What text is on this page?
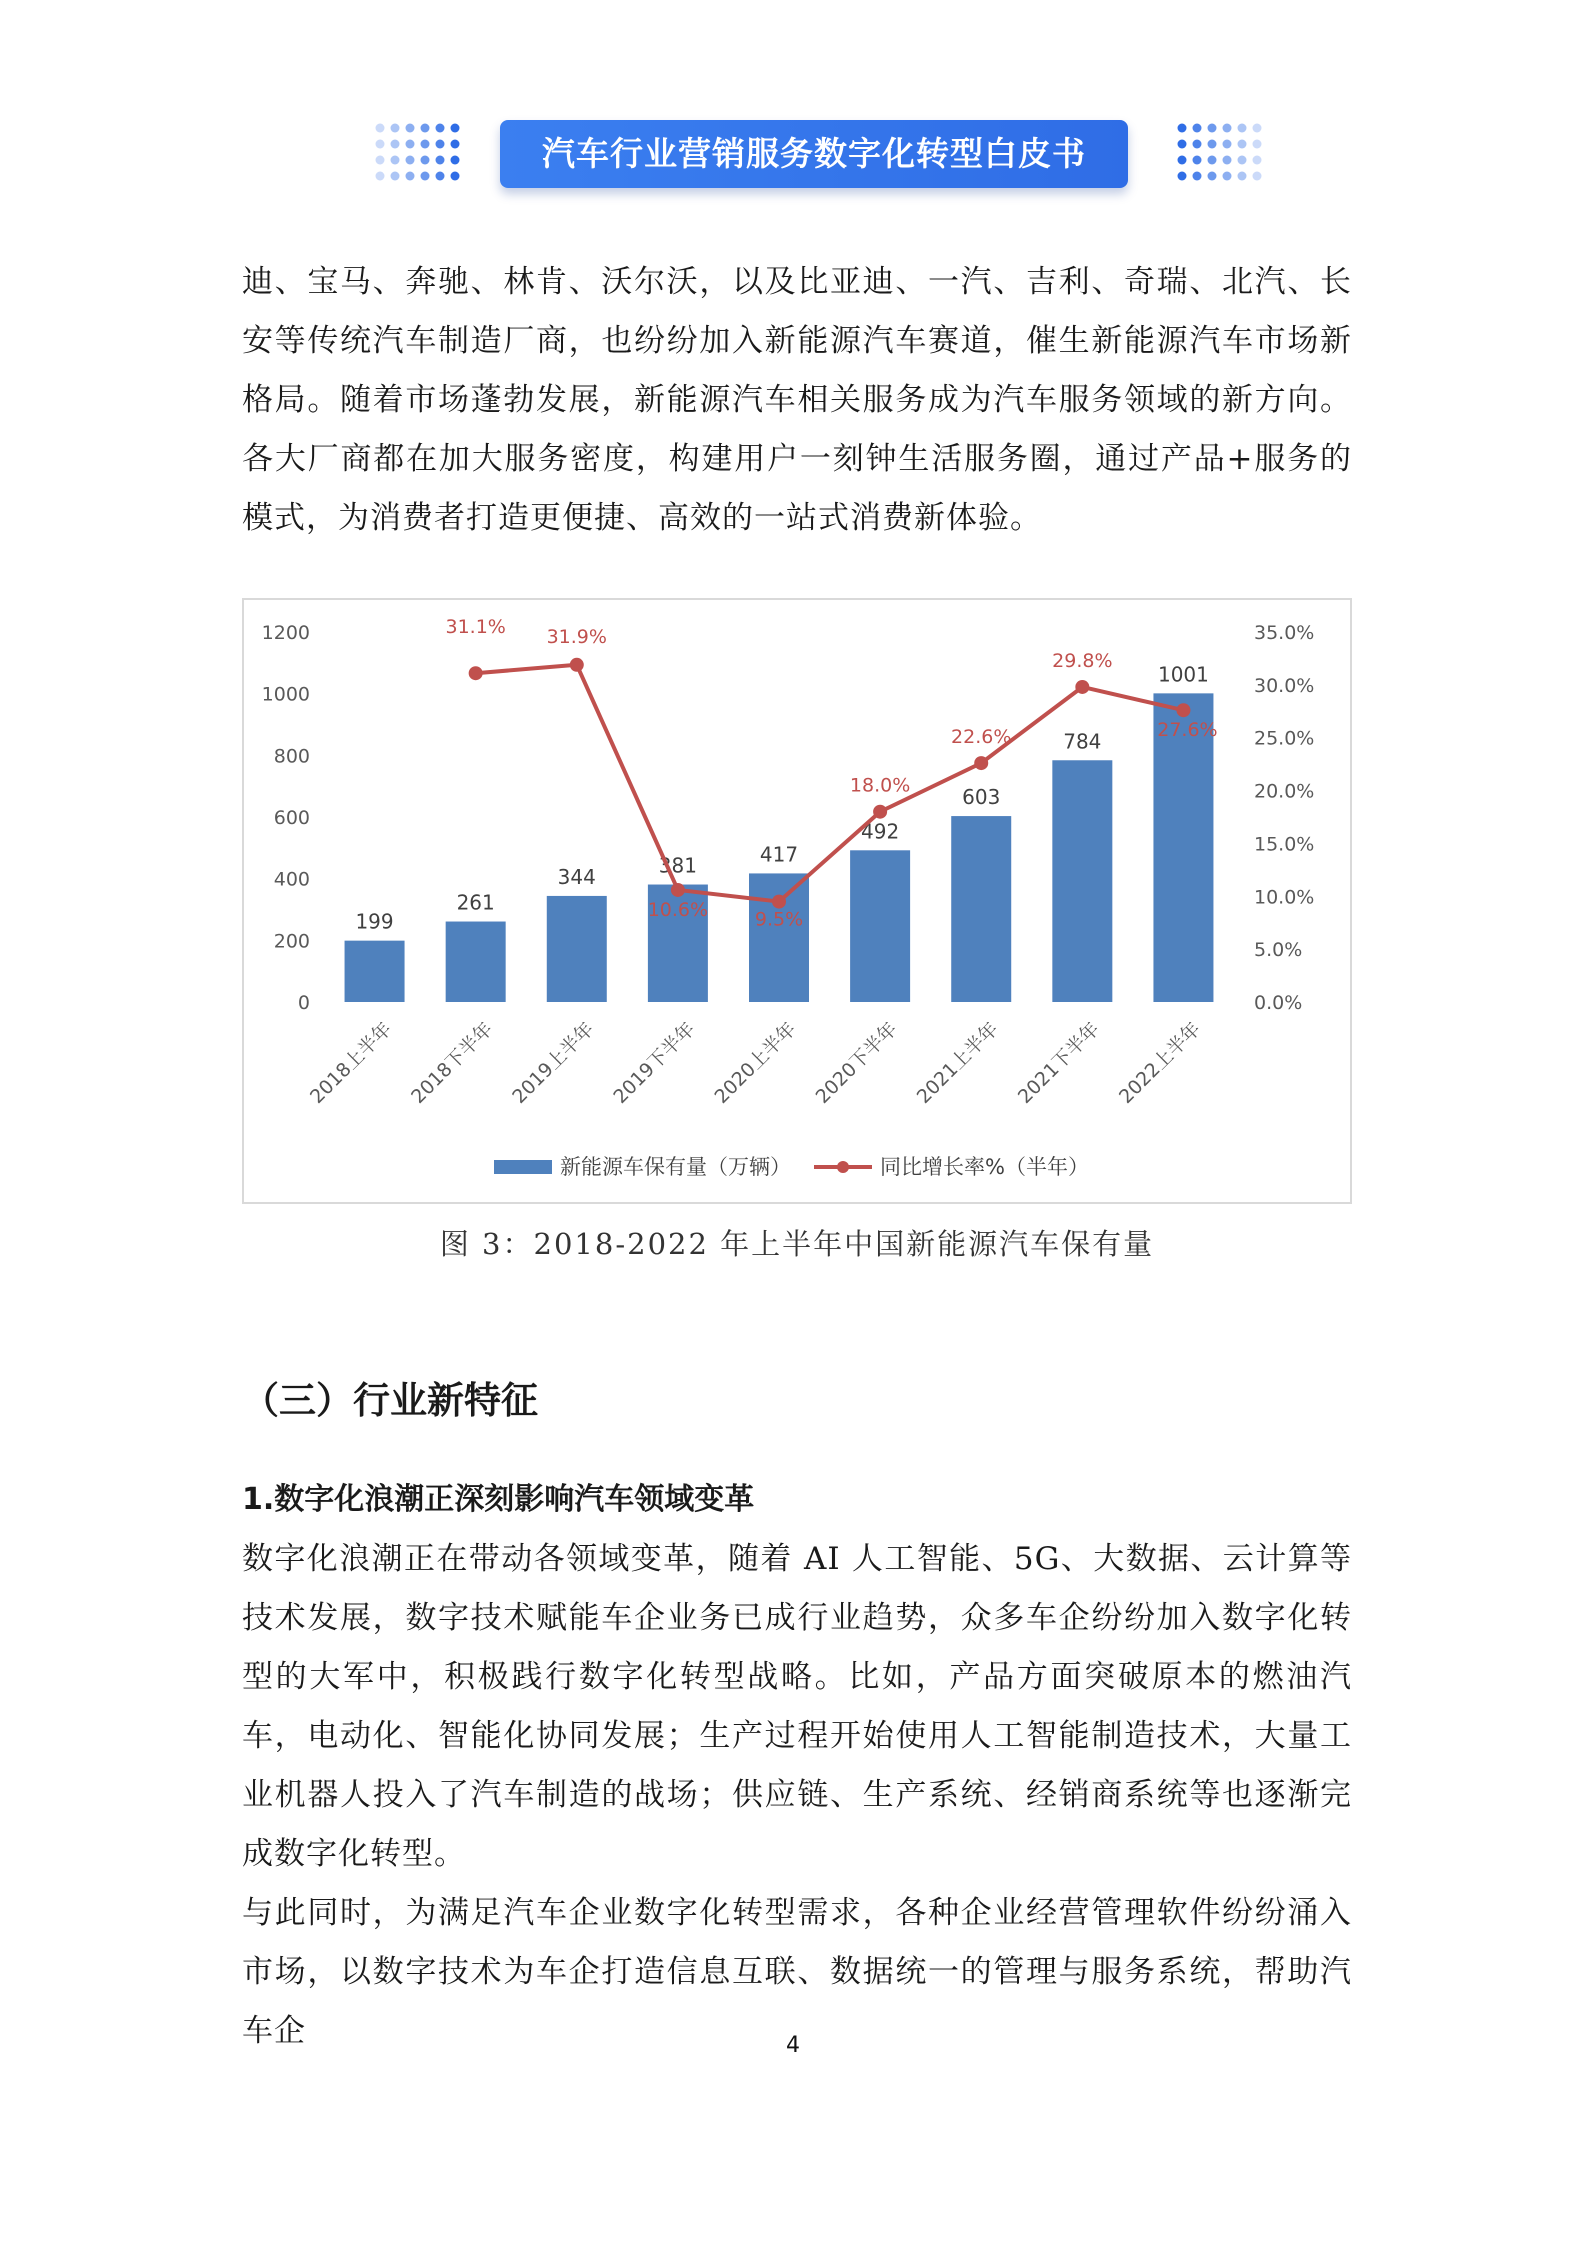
汽车行业营销服务数字化转型白皮书

迪、宝马、奔驰、林肯、沃尔沃，以及比亚迪、一汽、吉利、奇瑞、北汽、长安等传统汽车制造厂商，也纷纷加入新能源汽车赛道，催生新能源汽车市场新格局。随着市场蓬勃发展，新能源汽车相关服务成为汽车服务领域的新方向。各大厂商都在加大服务密度，构建用户一刻钟生活服务圈，通过产品+服务的模式，为消费者打造更便捷、高效的一站式消费新体验。

0
200
400
600
800
1000
1200
0.0%
5.0%
10.0%
15.0%
20.0%
25.0%
30.0%
35.0%
199
261
344	381	417
492
603
784
1001
31.1% 31.9%
10.6% 9.5%
18.0%
22.6%
29.8%
27.6%
2018上半年 2018下半年 2019上半年 2019下半年 2020上半年 2020下半年 2021上半年 2021下半年 2022上半年
新能源车保有量（万辆）	同比增长率%（半年）
图 3：2018-2022 年上半年中国新能源汽车保有量
（三）行业新特征
1.数字化浪潮正深刻影响汽车领域变革

数字化浪潮正在带动各领域变革，随着 AI 人工智能、5G、大数据、云计算等技术发展，数字技术赋能车企业务已成行业趋势，众多车企纷纷加入数字化转型的大军中，积极践行数字化转型战略。比如，产品方面突破原本的燃油汽车，电动化、智能化协同发展；生产过程开始使用人工智能制造技术，大量工业机器人投入了汽车制造的战场；供应链、生产系统、经销商系统等也逐渐完成数字化转型。

与此同时，为满足汽车企业数字化转型需求，各种企业经营管理软件纷纷涌入市场，以数字技术为车企打造信息互联、数据统一的管理与服务系统，帮助汽车企	4
